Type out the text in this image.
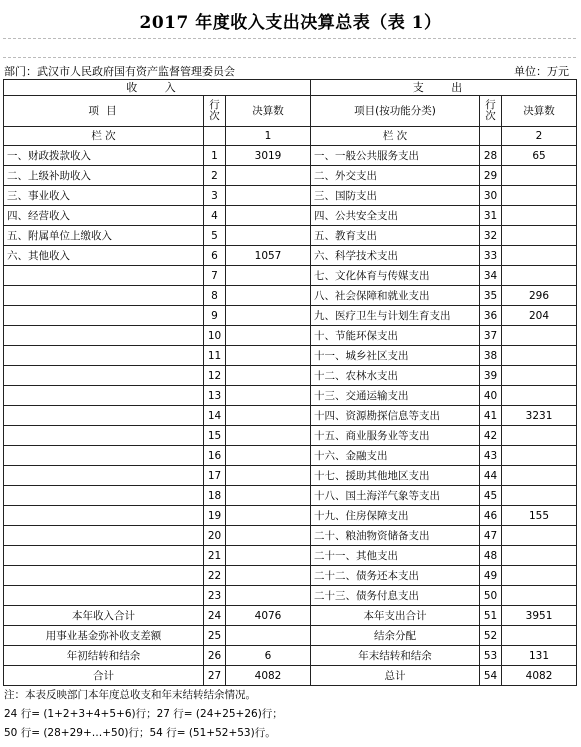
2017 年度收入支出决算总表（表 1）
部门：武汉市人民政府国有资产监督管理委员会	单位：万元
收 入			支 出		
项 目	行次	决算数	项目(按功能分类)	行次	决算数
栏 次		1	栏 次		2
一、财政拨款收入	1	3019	一、一般公共服务支出	28	65
二、上级补助收入	2		二、外交支出	29	
三、事业收入	3		三、国防支出	30	
四、经营收入	4		四、公共安全支出	31	
五、附属单位上缴收入	5		五、教育支出	32	
六、其他收入	6	1057	六、科学技术支出	33	
	7		七、文化体育与传媒支出	34	
	8		八、社会保障和就业支出	35	296
	9		九、医疗卫生与计划生育支出	36	204
	10		十、节能环保支出	37	
	11		十一、城乡社区支出	38	
	12		十二、农林水支出	39	
	13		十三、交通运输支出	40	
	14		十四、资源勘探信息等支出	41	3231
	15		十五、商业服务业等支出	42	
	16		十六、金融支出	43	
	17		十七、援助其他地区支出	44	
	18		十八、国土海洋气象等支出	45	
	19		十九、住房保障支出	46	155
	20		二十、粮油物资储备支出	47	
	21		二十一、其他支出	48	
	22		二十二、债务还本支出	49	
	23		二十三、债务付息支出	50	
本年收入合计	24	4076	本年支出合计	51	3951
用事业基金弥补收支差额	25		结余分配	52	
年初结转和结余	26	6	年末结转和结余	53	131
合计	27	4082	总计	54	4082
注：本表反映部门本年度总收支和年末结转结余情况。
24 行= (1+2+3+4+5+6)行；27 行= (24+25+26)行；
50 行= (28+29+…+50)行；54 行= (51+52+53)行。
